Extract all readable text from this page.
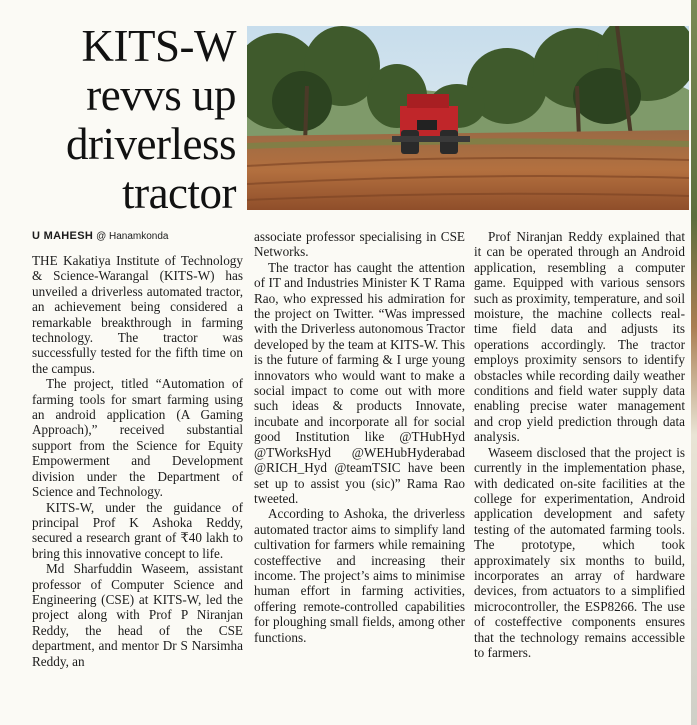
KITS-W
revvs up
driverless
tractor
U MAHESH @ Hanamkonda

THE Kakatiya Institute of Technology & Science-Warangal (KITS-W) has unveiled a driverless automated tractor, an achievement being considered a remarkable breakthrough in farming technology. The tractor was successfully tested for the fifth time on the campus.

The project, titled “Automation of farming tools for smart farming using an android application (A Gaming Approach),” received substantial support from the Science for Equity Empowerment and Development division under the Department of Science and Technology.

KITS-W, under the guidance of principal Prof K Ashoka Reddy, secured a research grant of ₹40 lakh to bring this innovative concept to life.

Md Sharfuddin Waseem, assistant professor of Computer Science and Engineering (CSE) at KITS-W, led the project along with Prof P Niranjan Reddy, the head of the CSE department, and mentor Dr S Narsimha Reddy, an

associate professor specialising in CSE Networks.

The tractor has caught the attention of IT and Industries Minister K T Rama Rao, who expressed his admiration for the project on Twitter. “Was impressed with the Driverless autonomous Tractor developed by the team at KITS-W. This is the future of farming & I urge young innovators who would want to make a social impact to come out with more such ideas & products Innovate, incubate and incorporate all for social good Institution like @THubHyd @TWorksHyd @WEHubHyderabad @RICH_Hyd @teamTSIC have been set up to assist you (sic)” Rama Rao tweeted.

According to Ashoka, the driverless automated tractor aims to simplify land cultivation for farmers while remaining costeffective and increasing their income. The project’s aims to minimise human effort in farming activities, offering remote-controlled capabilities for ploughing small fields, among other functions.

Prof Niranjan Reddy explained that it can be operated through an Android application, resembling a computer game. Equipped with various sensors such as proximity, temperature, and soil moisture, the machine collects real-time field data and adjusts its operations accordingly. The tractor employs proximity sensors to identify obstacles while recording daily weather conditions and field water supply data enabling precise water management and crop yield prediction through data analysis.

Waseem disclosed that the project is currently in the implementation phase, with dedicated on-site facilities at the college for experimentation, Android application development and safety testing of the automated farming tools. The prototype, which took approximately six months to build, incorporates an array of hardware devices, from actuators to a simplified microcontroller, the ESP8266. The use of costeffective components ensures that the technology remains accessible to farmers.
